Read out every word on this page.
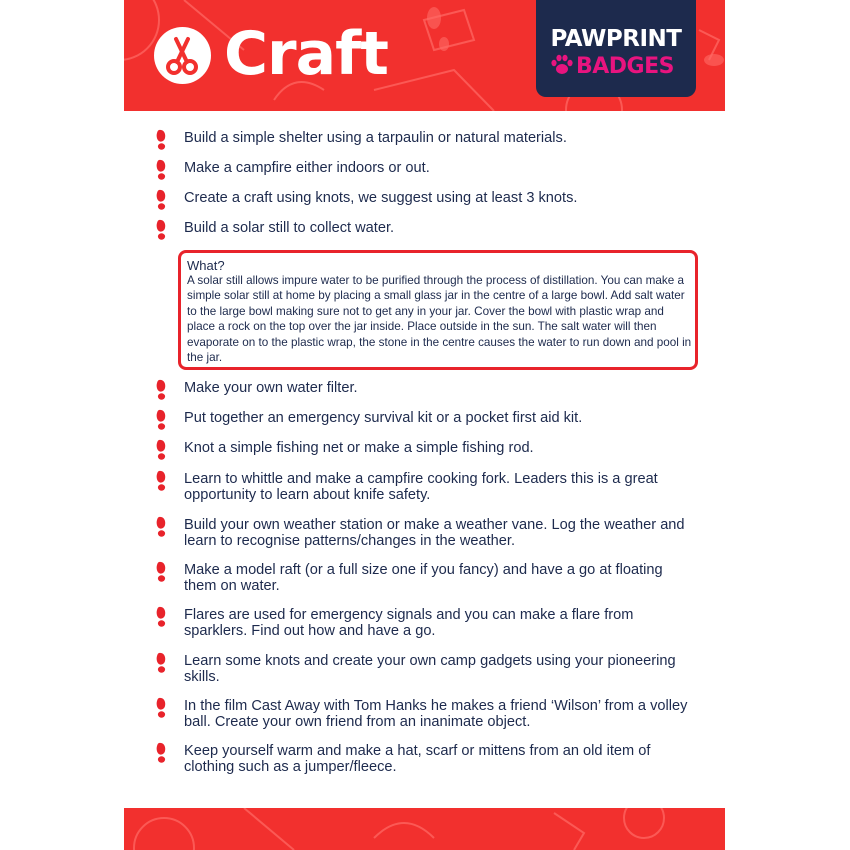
Craft	PAWPRINT
BADGES
Build a simple shelter using a tarpaulin or natural materials.
Make a campfire either indoors or out.
Create a craft using knots, we suggest using at least 3 knots.
Build a solar still to collect water.
Make your own water filter.
Put together an emergency survival kit or a pocket first aid kit.
Knot a simple fishing net or make a simple fishing rod.
Learn to whittle and make a campfire cooking fork. Leaders this is a great opportunity to learn about knife safety.
Build your own weather station or make a weather vane. Log the weather and learn to recognise patterns/changes in the weather.
Make a model raft (or a full size one if you fancy) and have a go at floating them on water.
Flares are used for emergency signals and you can make a flare from sparklers. Find out how and have a go.
Learn some knots and create your own camp gadgets using your pioneering skills.
In the film Cast Away with Tom Hanks he makes a friend ‘Wilson’ from a volley ball. Create your own friend from an inanimate object.
Keep yourself warm and make a hat, scarf or mittens from an old item of clothing such as a jumper/fleece.
What?
A solar still allows impure water to be purified through the process of distillation. You can make a simple solar still at home by placing a small glass jar in the centre of a large bowl. Add salt water to the large bowl making sure not to get any in your jar. Cover the bowl with plastic wrap and place a rock on the top over the jar inside. Place outside in the sun. The salt water will then evaporate on to the plastic wrap, the stone in the centre causes the water to run down and pool in the jar.
